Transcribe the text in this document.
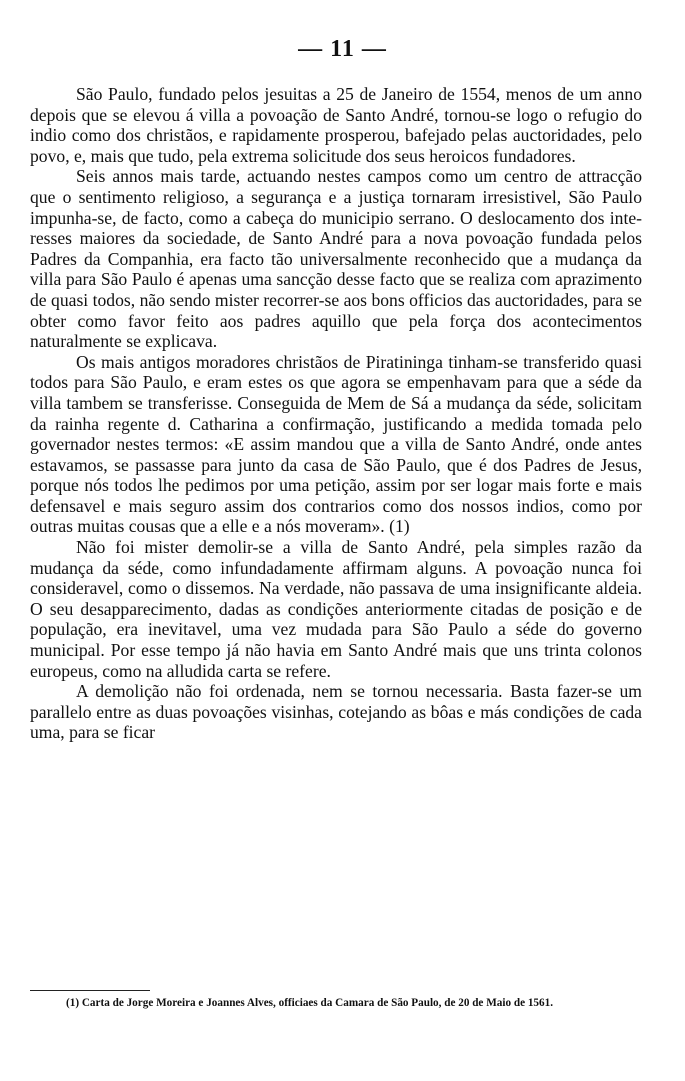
— 11 —

São Paulo, fundado pelos jesuitas a 25 de Janeiro de 1554, menos de um anno depois que se elevou á villa a povoação de Santo André, tornou-se logo o refugio do indio como dos christãos, e rapidamente prosperou, bafejado pelas auctoridades, pelo povo, e, mais que tudo, pela extrema solicitude dos seus heroicos fundadores.

Seis annos mais tarde, actuando nestes campos como um centro de attracção que o sentimento religioso, a segurança e a justiça tornaram irresistivel, São Paulo impunha-se, de facto, como a cabeça do municipio serrano. O deslocamento dos interesses maiores da sociedade, de Santo André para a nova povoação fundada pelos Padres da Companhia, era facto tão universalmente reconhecido que a mudança da villa para São Paulo é apenas uma sancção desse facto que se realiza com aprazimento de quasi todos, não sendo mister recorrer-se aos bons officios das auctoridades, para se obter como favor feito aos padres aquillo que pela força dos acontecimentos naturalmente se explicava.

Os mais antigos moradores christãos de Piratininga tinham-se transferido quasi todos para São Paulo, e eram estes os que agora se empenhavam para que a séde da villa tambem se transferisse. Conseguida de Mem de Sá a mudança da séde, solicitam da rainha regente d. Catharina a confirmação, justificando a medida tomada pelo governador nestes termos: «E assim mandou que a villa de Santo André, onde antes estavamos, se passasse para junto da casa de São Paulo, que é dos Padres de Jesus, porque nós todos lhe pedimos por uma petição, assim por ser logar mais forte e mais defensavel e mais seguro assim dos contrarios como dos nossos indios, como por outras muitas cousas que a elle e a nós moveram». (1)

Não foi mister demolir-se a villa de Santo André, pela simples razão da mudança da séde, como infundadamente affirmam alguns. A povoação nunca foi consideravel, como o dissemos. Na verdade, não passava de uma insignificante aldeia. O seu desapparecimento, dadas as condições anteriormente citadas de posição e de população, era inevitavel, uma vez mudada para São Paulo a séde do governo municipal. Por esse tempo já não havia em Santo André mais que uns trinta colonos europeus, como na alludida carta se refere.

A demolição não foi ordenada, nem se tornou necessaria. Basta fazer-se um parallelo entre as duas povoações visinhas, cotejando as bôas e más condições de cada uma, para se ficar

(1) Carta de Jorge Moreira e Joannes Alves, officiaes da Camara de São Paulo, de 20 de Maio de 1561.
